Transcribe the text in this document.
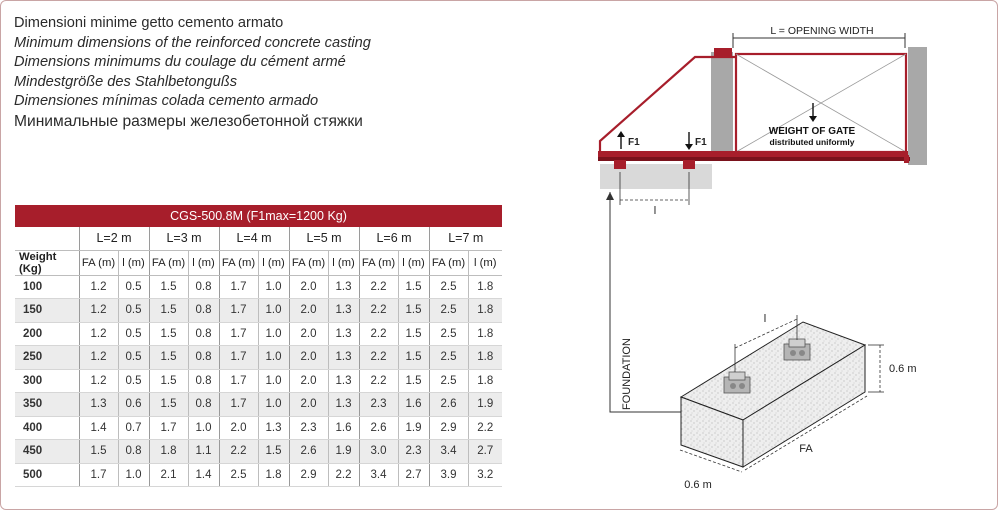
Dimensioni minime getto cemento armato
Minimum dimensions of the reinforced concrete casting
Dimensions minimums du coulage du cément armé
Mindestgröße des Stahlbetongußs
Dimensiones mínimas colada cemento armado
Минимальные размеры железобетонной стяжки
CGS-500.8M (F1max=1200 Kg)
	L=2 m		L=3 m		L=4 m		L=5 m		L=6 m		L=7 m	
Weight (Kg)	FA (m)	l (m)	FA (m)	l (m)	FA (m)	l (m)	FA (m)	l (m)	FA (m)	l (m)	FA (m)	l (m)
100	1.2	0.5	1.5	0.8	1.7	1.0	2.0	1.3	2.2	1.5	2.5	1.8
150	1.2	0.5	1.5	0.8	1.7	1.0	2.0	1.3	2.2	1.5	2.5	1.8
200	1.2	0.5	1.5	0.8	1.7	1.0	2.0	1.3	2.2	1.5	2.5	1.8
250	1.2	0.5	1.5	0.8	1.7	1.0	2.0	1.3	2.2	1.5	2.5	1.8
300	1.2	0.5	1.5	0.8	1.7	1.0	2.0	1.3	2.2	1.5	2.5	1.8
350	1.3	0.6	1.5	0.8	1.7	1.0	2.0	1.3	2.3	1.6	2.6	1.9
400	1.4	0.7	1.7	1.0	2.0	1.3	2.3	1.6	2.6	1.9	2.9	2.2
450	1.5	0.8	1.8	1.1	2.2	1.5	2.6	1.9	3.0	2.3	3.4	2.7
500	1.7	1.0	2.1	1.4	2.5	1.8	2.9	2.2	3.4	2.7	3.9	3.2
L = OPENING WIDTH
F1	F1
WEIGHT OF GATE
distributed uniformly
l
FOUNDATION
l
0.6 m
FA
0.6 m
